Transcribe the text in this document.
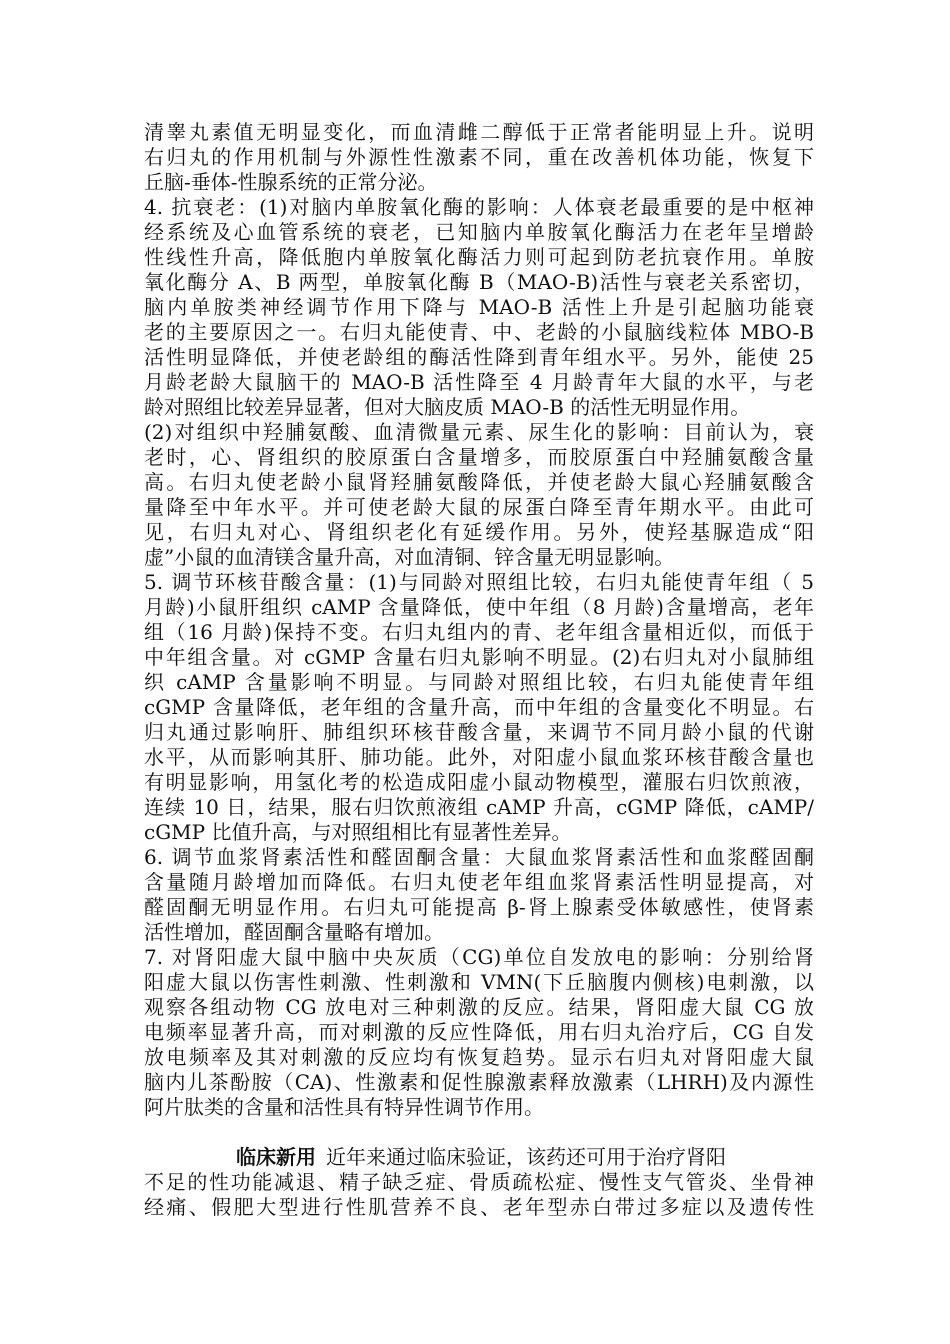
清睾丸素值无明显变化，而血清雌二醇低于正常者能明显上升。说明
右归丸的作用机制与外源性性激素不同，重在改善机体功能，恢复下
丘脑-垂体-性腺系统的正常分泌。
4. 抗衰老：(1)对脑内单胺氧化酶的影响：人体衰老最重要的是中枢神
经系统及心血管系统的衰老，已知脑内单胺氧化酶活力在老年呈增龄
性线性升高，降低胞内单胺氧化酶活力则可起到防老抗衰作用。单胺
氧化酶分 A、B 两型，单胺氧化酶 B（MAO-B)活性与衰老关系密切，
脑内单胺类神经调节作用下降与 MAO-B 活性上升是引起脑功能衰
老的主要原因之一。右归丸能使青、中、老龄的小鼠脑线粒体 MBO-B
活性明显降低，并使老龄组的酶活性降到青年组水平。另外，能使 25
月龄老龄大鼠脑干的 MAO-B 活性降至 4 月龄青年大鼠的水平，与老
龄对照组比较差异显著，但对大脑皮质 MAO-B 的活性无明显作用。
(2)对组织中羟脯氨酸、血清微量元素、尿生化的影响：目前认为，衰
老时，心、肾组织的胶原蛋白含量增多，而胶原蛋白中羟脯氨酸含量
高。右归丸使老龄小鼠肾羟脯氨酸降低，并使老龄大鼠心羟脯氨酸含
量降至中年水平。并可使老龄大鼠的尿蛋白降至青年期水平。由此可
见，右归丸对心、肾组织老化有延缓作用。另外，使羟基脲造成“阳
虚”小鼠的血清镁含量升高，对血清铜、锌含量无明显影响。
5. 调节环核苷酸含量：(1)与同龄对照组比较，右归丸能使青年组（ 5
月龄)小鼠肝组织 cAMP 含量降低，使中年组（8 月龄)含量增高，老年
组（16 月龄)保持不变。右归丸组内的青、老年组含量相近似，而低于
中年组含量。对 cGMP 含量右归丸影响不明显。(2)右归丸对小鼠肺组
织 cAMP 含量影响不明显。与同龄对照组比较，右归丸能使青年组
cGMP 含量降低，老年组的含量升高，而中年组的含量变化不明显。右
归丸通过影响肝、肺组织环核苷酸含量，来调节不同月龄小鼠的代谢
水平，从而影响其肝、肺功能。此外，对阳虚小鼠血浆环核苷酸含量也
有明显影响，用氢化考的松造成阳虚小鼠动物模型，灌服右归饮煎液，
连续 10 日，结果，服右归饮煎液组 cAMP 升高，cGMP 降低，cAMP/
cGMP 比值升高，与对照组相比有显著性差异。
6. 调节血浆肾素活性和醛固酮含量：大鼠血浆肾素活性和血浆醛固酮
含量随月龄增加而降低。右归丸使老年组血浆肾素活性明显提高，对
醛固酮无明显作用。右归丸可能提高 β-肾上腺素受体敏感性，使肾素
活性增加，醛固酮含量略有增加。
7. 对肾阳虚大鼠中脑中央灰质（CG)单位自发放电的影响：分别给肾
阳虚大鼠以伤害性刺激、性刺激和 VMN(下丘脑腹内侧核)电刺激，以
观察各组动物 CG 放电对三种刺激的反应。结果，肾阳虚大鼠 CG 放
电频率显著升高，而对刺激的反应性降低，用右归丸治疗后，CG 自发
放电频率及其对刺激的反应均有恢复趋势。显示右归丸对肾阳虚大鼠
脑内儿茶酚胺（CA)、性激素和促性腺激素释放激素（LHRH)及内源性
阿片肽类的含量和活性具有特异性调节作用。
临床新用  近年来通过临床验证，该药还可用于治疗肾阳
不足的性功能减退、精子缺乏症、骨质疏松症、慢性支气管炎、坐骨神
经痛、假肥大型进行性肌营养不良、老年型赤白带过多症以及遗传性
